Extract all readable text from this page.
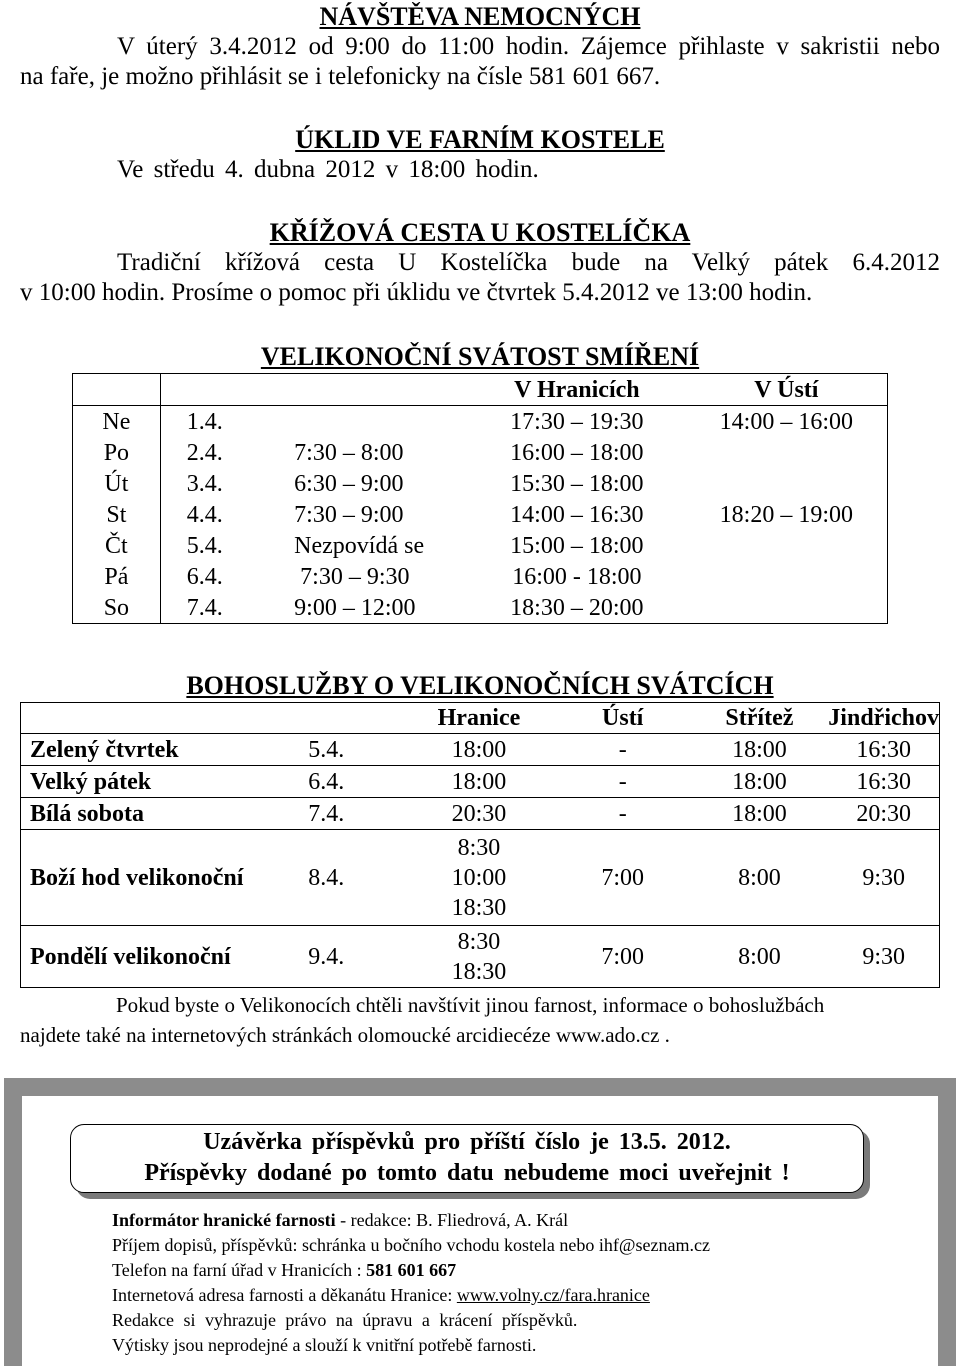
NÁVŠTĚVA NEMOCNÝCH
V úterý 3.4.2012 od 9:00 do 11:00 hodin. Zájemce přihlaste v sakristii nebo
na faře, je možno přihlásit se i telefonicky na čísle 581 601 667.
ÚKLID VE FARNÍM KOSTELE
Ve středu 4. dubna 2012 v 18:00 hodin.
KŘÍŽOVÁ CESTA U KOSTELÍČKA
Tradiční křížová cesta U Kostelíčka bude na Velký pátek 6.4.2012
v 10:00 hodin. Prosíme o pomoc při úklidu ve čtvrtek 5.4.2012 ve 13:00 hodin.
VELIKONOČNÍ SVÁTOST SMÍŘENÍ
			V Hranicích	V Ústí
Ne	1.4.		17:30 – 19:30	14:00 – 16:00
Po	2.4.	7:30 – 8:00	16:00 – 18:00	
Út	3.4.	6:30 – 9:00	15:30 – 18:00	
St	4.4.	7:30 – 9:00	14:00 – 16:30	18:20 – 19:00
Čt	5.4.	Nezpovídá se	15:00 – 18:00	
Pá	6.4.	7:30 – 9:30	16:00 - 18:00	
So	7.4.	9:00 – 12:00	18:30 – 20:00	
BOHOSLUŽBY O VELIKONOČNÍCH SVÁTCÍCH
		Hranice	Ústí	Střítež	Jindřichov
Zelený čtvrtek	5.4.	18:00	-	18:00	16:30
Velký pátek	6.4.	18:00	-	18:00	16:30
Bílá sobota	7.4.	20:30	-	18:00	20:30
Boží hod velikonoční	8.4.	8:30
10:00
18:30	7:00	8:00	9:30
Pondělí velikonoční	9.4.	8:30
18:30	7:00	8:00	9:30
Pokud byste o Velikonocích chtěli navštívit jinou farnost, informace o bohoslužbách
najdete také na internetových stránkách olomoucké arcidiecéze www.ado.cz .
Uzávěrka příspěvků pro příští číslo je 13.5. 2012.
Příspěvky dodané po tomto datu nebudeme moci uveřejnit !
Informátor hranické farnosti - redakce: B. Fliedrová, A. Král
Příjem dopisů, příspěvků: schránka u bočního vchodu kostela nebo ihf@seznam.cz
Telefon na farní úřad v Hranicích : 581 601 667
Internetová adresa farnosti a děkanátu Hranice: www.volny.cz/fara.hranice
Redakce si vyhrazuje právo na úpravu a krácení příspěvků.
Výtisky jsou neprodejné a slouží k vnitřní potřebě farnosti.
